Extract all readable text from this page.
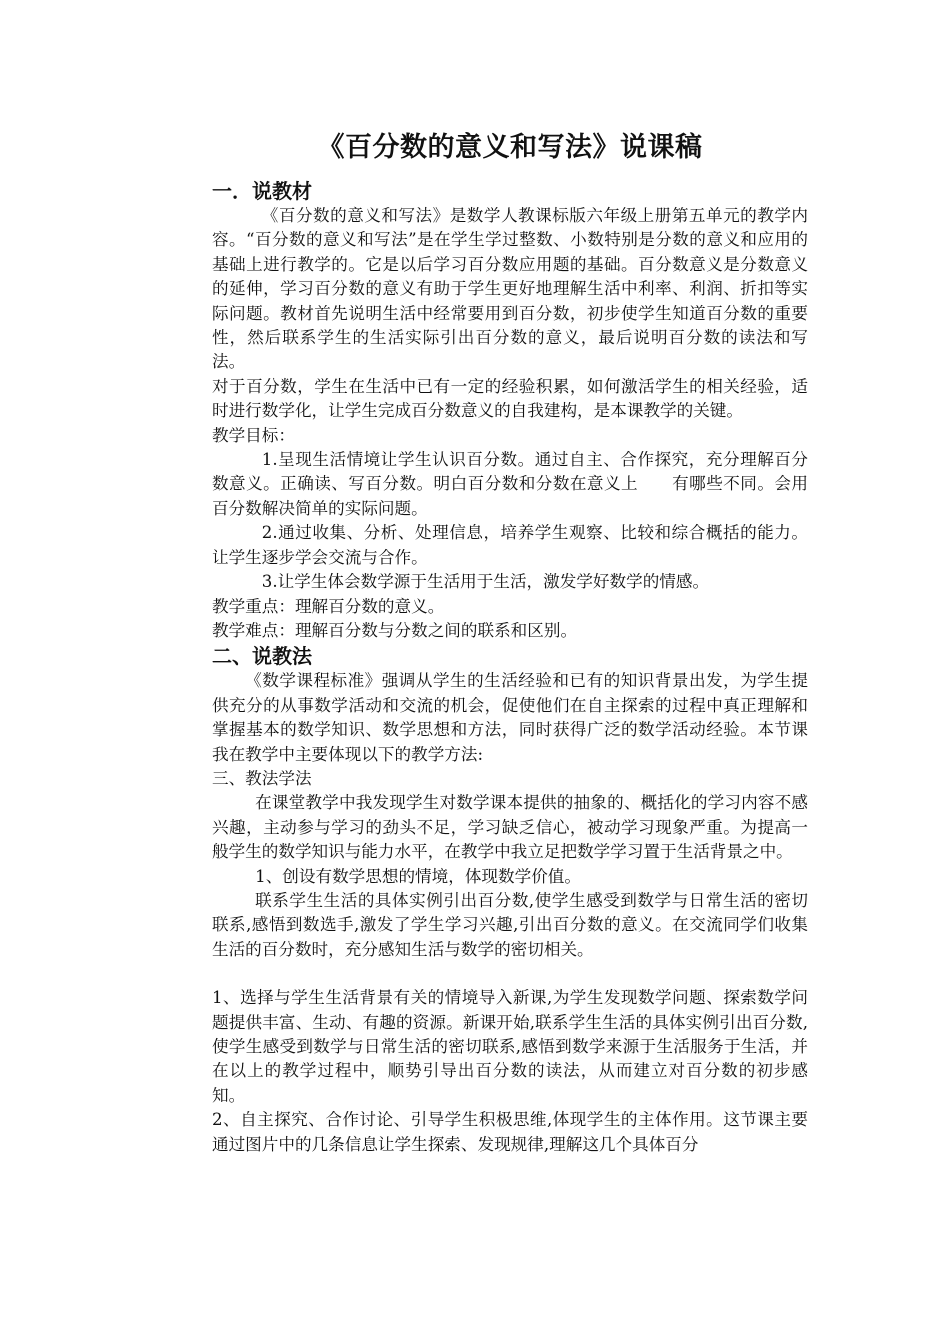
《百分数的意义和写法》说课稿
一．说教材

《百分数的意义和写法》是数学人教课标版六年级上册第五单元的教学内容。“百分数的意义和写法”是在学生学过整数、小数特别是分数的意义和应用的基础上进行教学的。它是以后学习百分数应用题的基础。百分数意义是分数意义的延伸，学习百分数的意义有助于学生更好地理解生活中利率、利润、折扣等实际问题。教材首先说明生活中经常要用到百分数，初步使学生知道百分数的重要性，然后联系学生的生活实际引出百分数的意义，最后说明百分数的读法和写法。

对于百分数，学生在生活中已有一定的经验积累，如何激活学生的相关经验，适时进行数学化，让学生完成百分数意义的自我建构，是本课教学的关键。

教学目标：

1.呈现生活情境让学生认识百分数。通过自主、合作探究，充分理解百分 数意义。正确读、写百分数。明白百分数和分数在意义上　　有哪些不同。会用百分数解决简单的实际问题。

2.通过收集、分析、处理信息，培养学生观察、比较和综合概括的能力。让学生逐步学会交流与合作。

3.让学生体会数学源于生活用于生活，激发学好数学的情感。

教学重点：理解百分数的意义。

教学难点：理解百分数与分数之间的联系和区别。

二、说教法

《数学课程标准》强调从学生的生活经验和已有的知识背景出发，为学生提供充分的从事数学活动和交流的机会，促使他们在自主探索的过程中真正理解和掌握基本的数学知识、数学思想和方法，同时获得广泛的数学活动经验。本节课我在教学中主要体现以下的教学方法:

三、教法学法

在课堂教学中我发现学生对数学课本提供的抽象的、概括化的学习内容不感兴趣，主动参与学习的劲头不足，学习缺乏信心，被动学习现象严重。为提高一般学生的数学知识与能力水平，在教学中我立足把数学学习置于生活背景之中。

1、创设有数学思想的情境，体现数学价值。

联系学生生活的具体实例引出百分数,使学生感受到数学与日常生活的密切联系,感悟到数选手,激发了学生学习兴趣,引出百分数的意义。在交流同学们收集生活的百分数时，充分感知生活与数学的密切相关。

1、选择与学生生活背景有关的情境导入新课,为学生发现数学问题、探索数学问题提供丰富、生动、有趣的资源。新课开始,联系学生生活的具体实例引出百分数,使学生感受到数学与日常生活的密切联系,感悟到数学来源于生活服务于生活，并在以上的教学过程中，顺势引导出百分数的读法，从而建立对百分数的初步感知。

2、自主探究、合作讨论、引导学生积极思维,体现学生的主体作用。这节课主要通过图片中的几条信息让学生探索、发现规律,理解这几个具体百分
